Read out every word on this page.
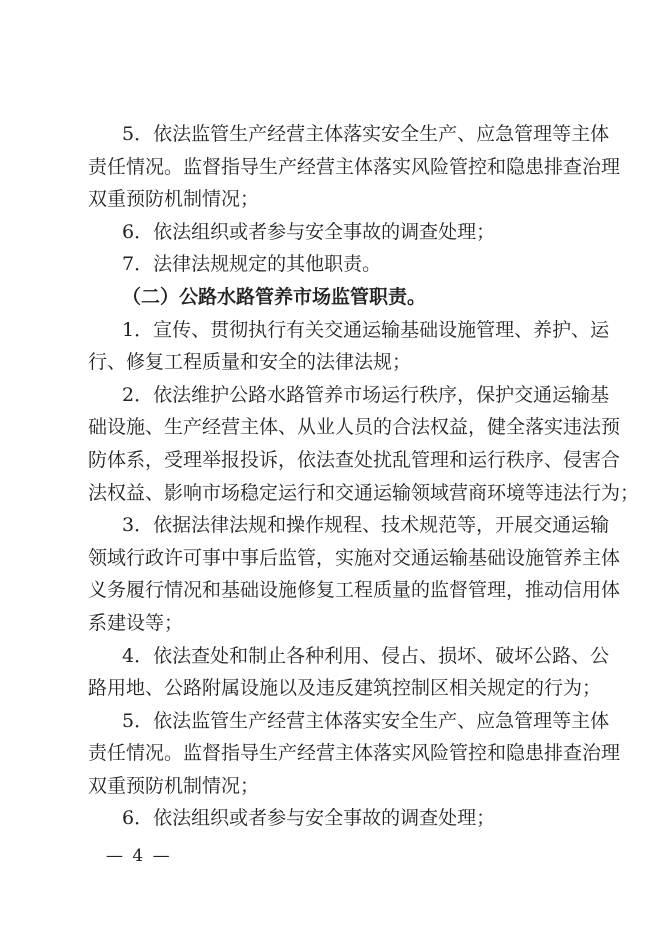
5．依法监管生产经营主体落实安全生产、应急管理等主体
责任情况。监督指导生产经营主体落实风险管控和隐患排查治理
双重预防机制情况；
6．依法组织或者参与安全事故的调查处理；
7．法律法规规定的其他职责。
（二）公路水路管养市场监管职责。
1．宣传、贯彻执行有关交通运输基础设施管理、养护、运
行、修复工程质量和安全的法律法规；
2．依法维护公路水路管养市场运行秩序，保护交通运输基
础设施、生产经营主体、从业人员的合法权益，健全落实违法预
防体系，受理举报投诉，依法查处扰乱管理和运行秩序、侵害合
法权益、影响市场稳定运行和交通运输领域营商环境等违法行为；
3．依据法律法规和操作规程、技术规范等，开展交通运输
领域行政许可事中事后监管，实施对交通运输基础设施管养主体
义务履行情况和基础设施修复工程质量的监督管理，推动信用体
系建设等；
4．依法查处和制止各种利用、侵占、损坏、破坏公路、公
路用地、公路附属设施以及违反建筑控制区相关规定的行为；
5．依法监管生产经营主体落实安全生产、应急管理等主体
责任情况。监督指导生产经营主体落实风险管控和隐患排查治理
双重预防机制情况；
6．依法组织或者参与安全事故的调查处理；
— 4 —
